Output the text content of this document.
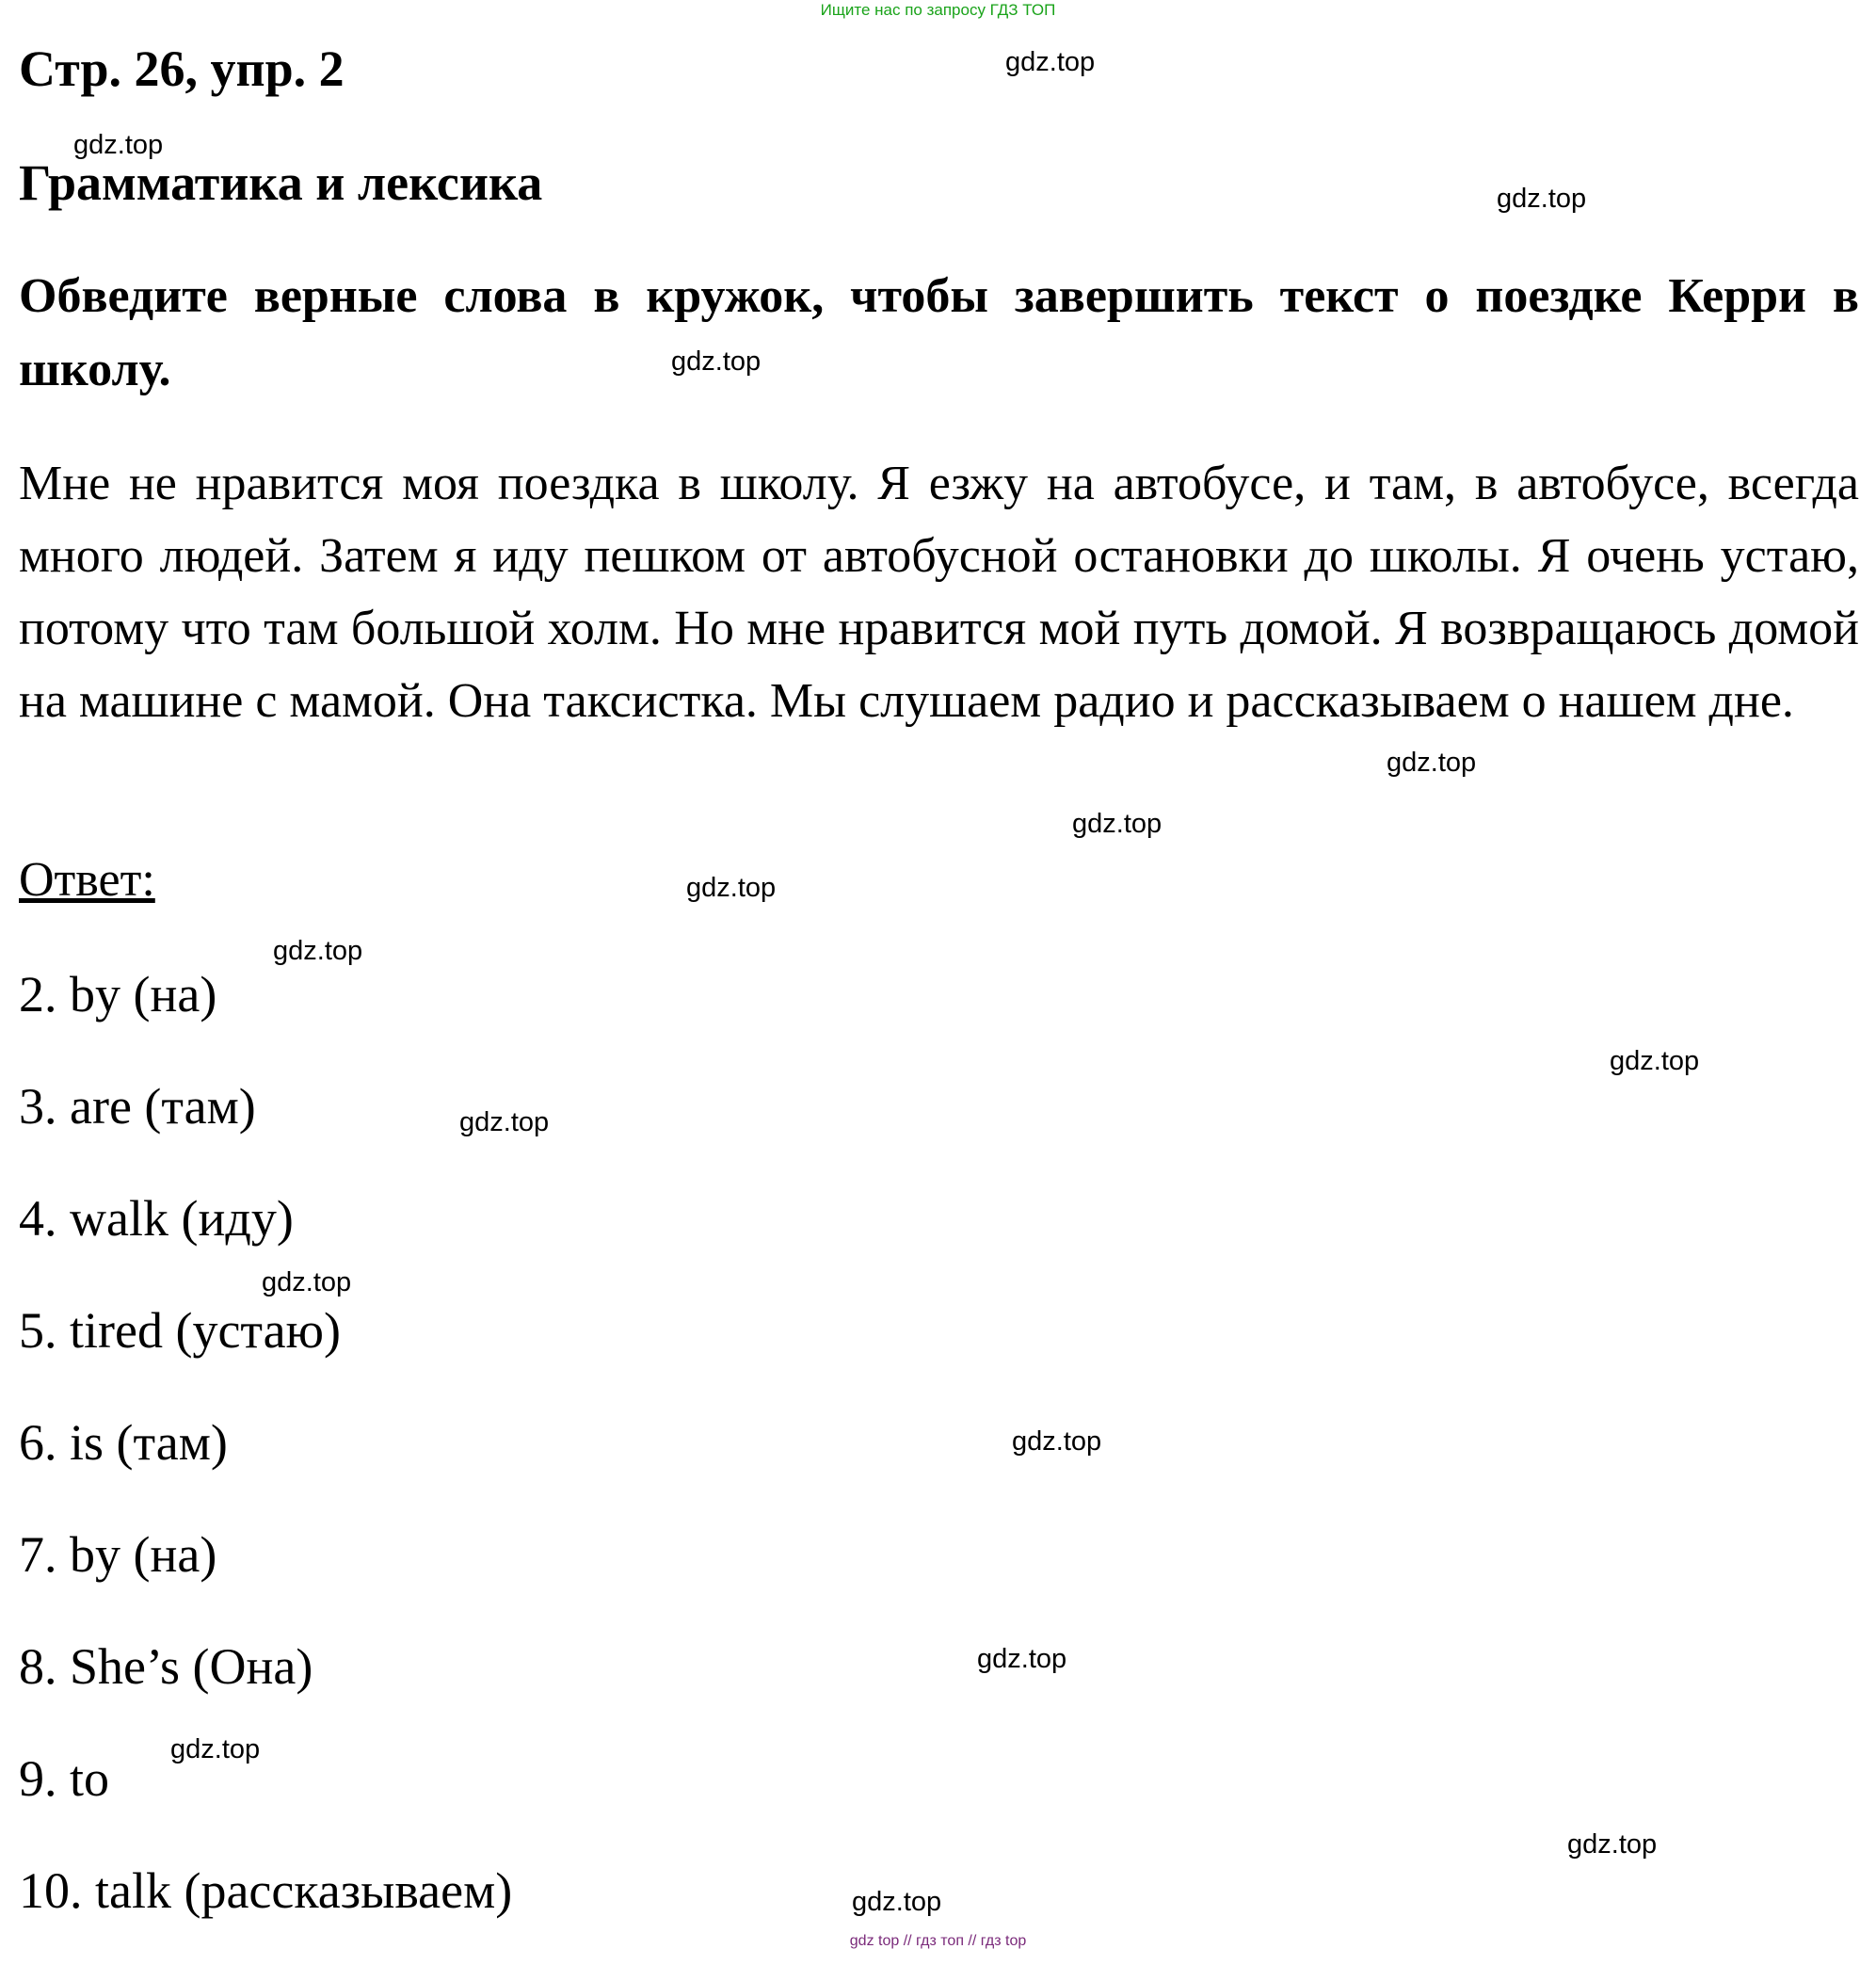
Ищите нас по запросу ГДЗ ТОП
Стр. 26, упр. 2
Грамматика и лексика
Обведите верные слова в кружок, чтобы завершить текст о поездке Керри в школу.
Мне не нравится моя поездка в школу. Я езжу на автобусе, и там, в автобусе, всегда много людей. Затем я иду пешком от автобусной остановки до школы. Я очень устаю, потому что там большой холм. Но мне нравится мой путь домой. Я возвращаюсь домой на машине с мамой. Она таксистка. Мы слушаем радио и рассказываем о нашем дне.
Ответ:
2. by (на)
3. are (там)
4. walk (иду)
5. tired (устаю)
6. is (там)
7. by (на)
8. She’s (Она)
9. to
10. talk (рассказываем)
gdz.top
gdz.top
gdz.top
gdz.top
gdz.top
gdz.top
gdz.top
gdz.top
gdz.top
gdz.top
gdz.top
gdz.top
gdz.top
gdz.top
gdz.top
gdz.top
gdz top // гдз топ // гдз top
